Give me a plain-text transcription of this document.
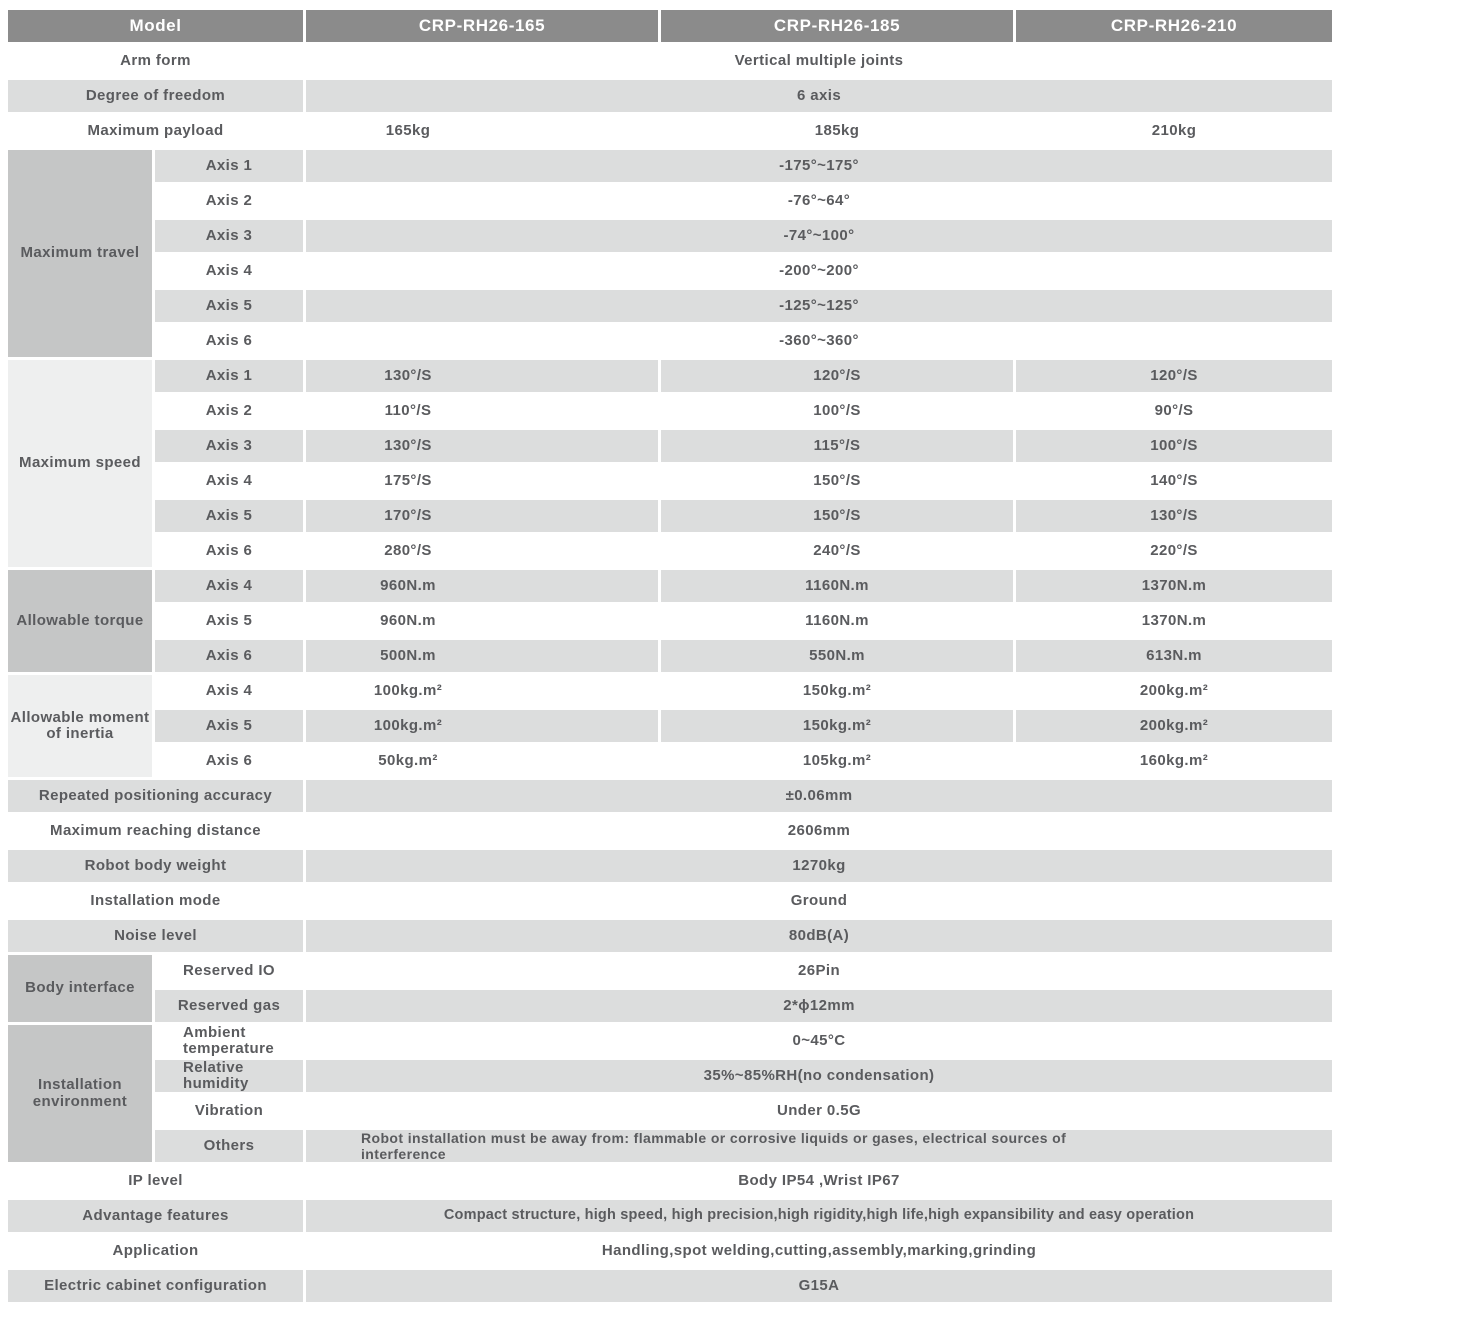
Model		CRP-RH26-165	CRP-RH26-185	CRP-RH26-210
Arm form		Vertical multiple joints		
Degree of freedom		6 axis		
Maximum payload		165kg	185kg	210kg
Maximum travel	Axis 1	-175°~175°		
	Axis 2	-76°~64°		
	Axis 3	-74°~100°		
	Axis 4	-200°~200°		
	Axis 5	-125°~125°		
	Axis 6	-360°~360°		
Maximum speed	Axis 1	130°/S	120°/S	120°/S
	Axis 2	110°/S	100°/S	90°/S
	Axis 3	130°/S	115°/S	100°/S
	Axis 4	175°/S	150°/S	140°/S
	Axis 5	170°/S	150°/S	130°/S
	Axis 6	280°/S	240°/S	220°/S
Allowable torque	Axis 4	960N.m	1160N.m	1370N.m
	Axis 5	960N.m	1160N.m	1370N.m
	Axis 6	500N.m	550N.m	613N.m
Allowable moment of inertia	Axis 4	100kg.m²	150kg.m²	200kg.m²
	Axis 5	100kg.m²	150kg.m²	200kg.m²
	Axis 6	50kg.m²	105kg.m²	160kg.m²
Repeated positioning accuracy		±0.06mm		
Maximum reaching distance		2606mm		
Robot body weight		1270kg		
Installation mode		Ground		
Noise level		80dB(A)		
Body interface	Reserved IO	26Pin		
	Reserved gas	2*ϕ12mm		
Installation environment	Ambient temperature	0~45°C		
	Relative humidity	35%~85%RH(no condensation)		
	Vibration	Under 0.5G		
	Others	Robot installation must be away from: flammable or corrosive liquids or gases, electrical sources of interference		
IP level		Body IP54 ,Wrist IP67		
Advantage features		Compact structure, high speed, high precision,high rigidity,high life,high expansibility and easy operation		
Application		Handling,spot welding,cutting,assembly,marking,grinding		
Electric cabinet configuration		G15A		
